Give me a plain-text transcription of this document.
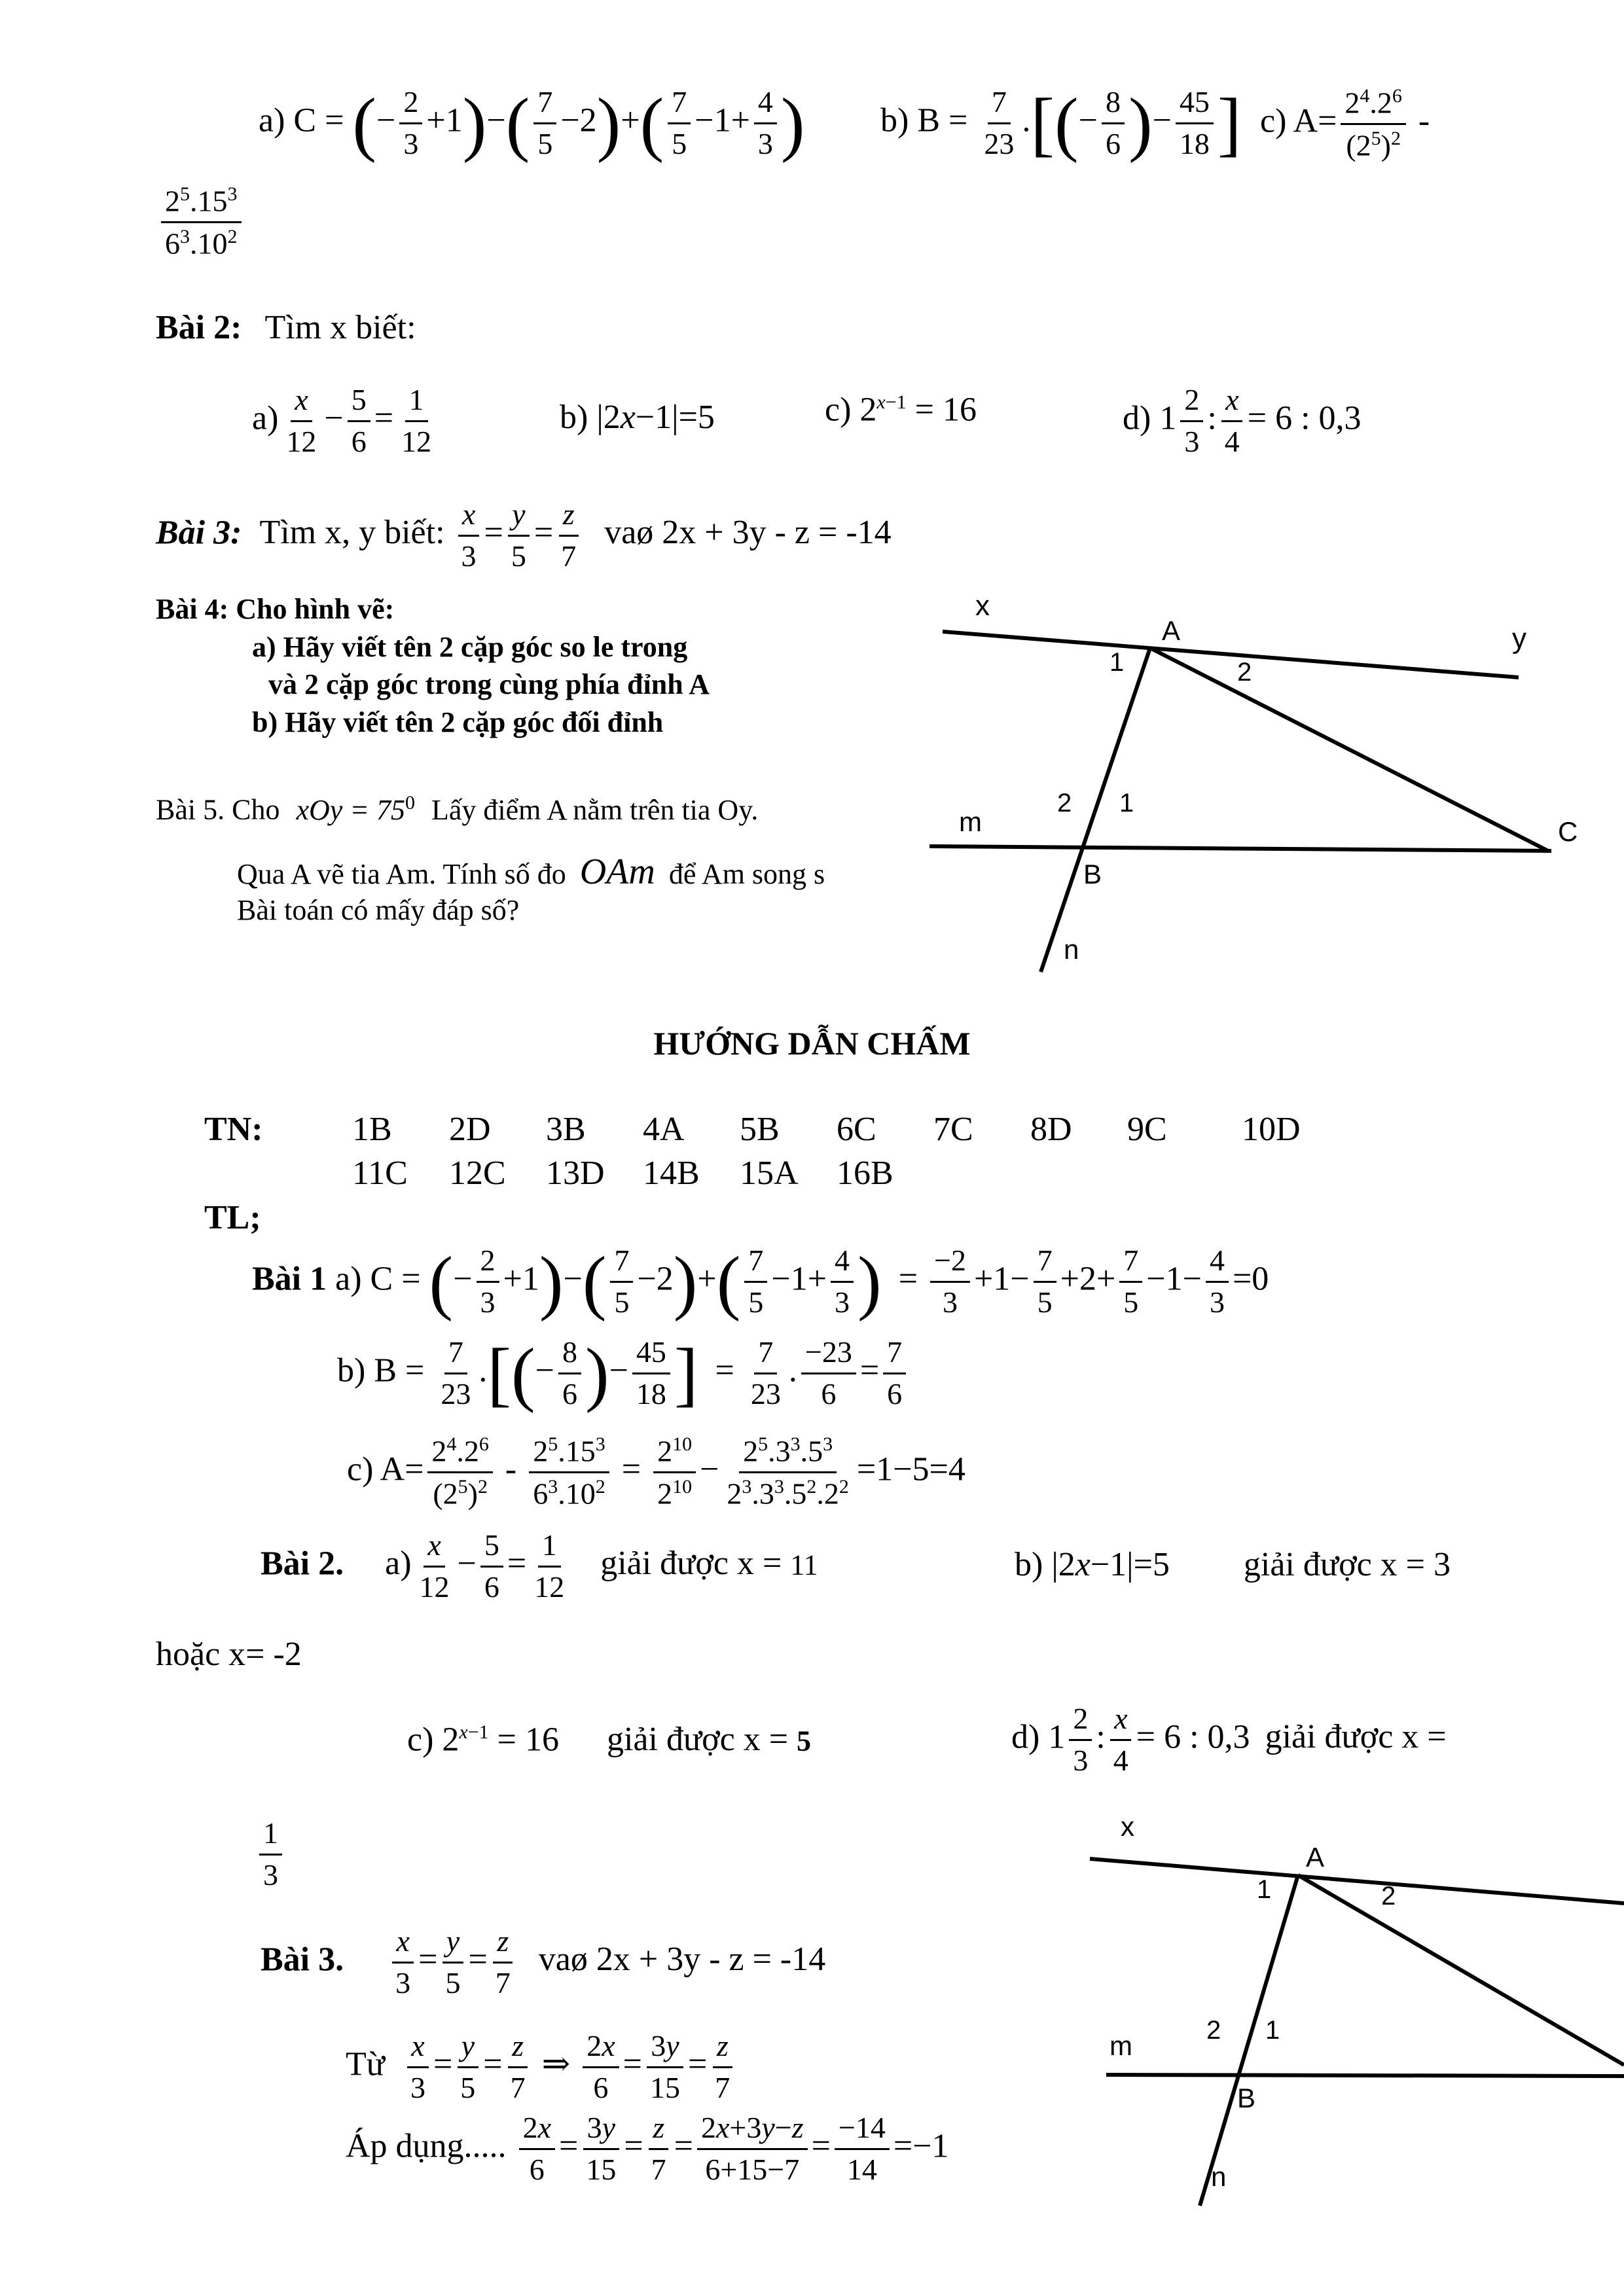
a) C = (− $\frac{2}{3} +1)-( \frac{7}{5} -2)+( \frac{7}{5} -1+ \frac{4}{3}$ ) b) $B = \frac{7}{23}$ .[(− $\frac{8}{6}$ )− $\frac{45}{18}$ ] c) $A= \frac{2^4.2^6}{(2^5)^2}$ -
$\frac{2^5.15^3}{6^3.10^2}$
Bài 2: Tìm x biết:
$a) \frac{x}{12} - \frac{5}{6} = \frac{1}{12}$	b) |2x−1|=5	c) $2^{x-1} = 16$	d) $1 \frac{2}{3}$ : $\frac{x}{4} = 6$ : 0,3
Bài 3: Tìm x, y biết: $\frac{x}{3} = \frac{y}{5} = \frac{z}{7}$ vaø 2x + 3y - z = -14
Bài 4: Cho hình vẽ:
a) Hãy viết tên 2 cặp góc so le trong
và 2 cặp góc trong cùng phía đỉnh A
b) Hãy viết tên 2 cặp góc đối đỉnh
Bài 5. Cho xOy = $75^0$ Lấy điểm A nằm trên tia Oy.
Qua A vẽ tia Am. Tính số đo OAm để Am song s
Bài toán có mấy đáp số?
x
y
A
1	2
2 1
m	C
B
n
HƯỚNG DẪN CHẤM
TN:	1B 2D 3B 4A 5B 6C 7C 8D 9C 10D
11C 12C 13D 14B 15A 16B
TL;
Bài 1 a) C = (− $\frac{2}{3} +1)-( \frac{7}{5} -2)+( \frac{7}{5} -1+ \frac{4}{3}$ )  = $\frac{-2}{3} +1- \frac{7}{5} +2+ \frac{7}{5} -1- \frac{4}{3} =0$
b) $B = \frac{7}{23}$ .[(− $\frac{8}{6}$ )− $\frac{45}{18}$ ]  = $\frac{7}{23}$ . $\frac{-23}{6} = \frac{7}{6}$
c) $A= \frac{2^4.2^6}{(2^5)^2} - \frac{2^5.15^3}{6^3.10^2} = \frac{2^{10}}{2^{10}} - \frac{2^5.3^3.5^3}{2^3.3^3.5^2.2^2} =1-5=4$
Bài 2. $a) \frac{x}{12} - \frac{5}{6} = \frac{1}{12}$ giải được x = 11	b) |2x−1|=5 giải được x = 3
hoặc x= -2
c) $2^{x-1} = 16$ giải được x = 5	d) $1 \frac{2}{3}$ : $\frac{x}{4} = 6$ : 0,3 giải được x =
$\frac{1}{3}$
Bài 3. $\frac{x}{3} = \frac{y}{5} = \frac{z}{7}$ vaø 2x + 3y - z = -14
Từ $\frac{x}{3} = \frac{y}{5} = \frac{z}{7}$ ⇒ $\frac{2x}{6} = \frac{3y}{15} = \frac{z}{7}$
Áp dụng..... $\frac{2x}{6} = \frac{3y}{15} = \frac{z}{7} = \frac{2x+3y-z}{6+15-7} = \frac{-14}{14} =-1$
x
A
1	2
2 1
m
B
n
